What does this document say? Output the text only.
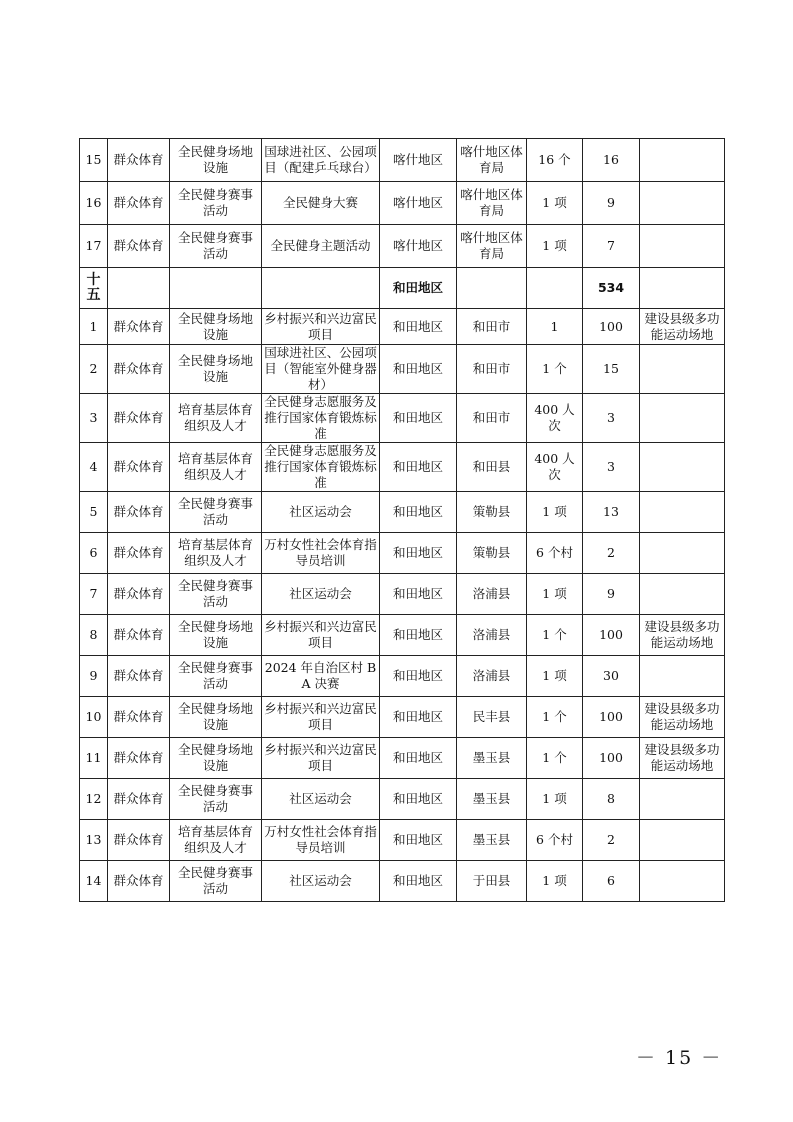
15	群众体育	全民健身场地设施	国球进社区、公园项目（配建乒乓球台）	喀什地区	喀什地区体育局	16 个	16	
16	群众体育	全民健身赛事活动	全民健身大赛	喀什地区	喀什地区体育局	1 项	9	
17	群众体育	全民健身赛事活动	全民健身主题活动	喀什地区	喀什地区体育局	1 项	7	
十五				和田地区			534	
1	群众体育	全民健身场地设施	乡村振兴和兴边富民项目	和田地区	和田市	1	100	建设县级多功能运动场地
2	群众体育	全民健身场地设施	国球进社区、公园项目（智能室外健身器材）	和田地区	和田市	1 个	15	
3	群众体育	培育基层体育组织及人才	全民健身志愿服务及推行国家体育锻炼标准	和田地区	和田市	400 人次	3	
4	群众体育	培育基层体育组织及人才	全民健身志愿服务及推行国家体育锻炼标准	和田地区	和田县	400 人次	3	
5	群众体育	全民健身赛事活动	社区运动会	和田地区	策勒县	1 项	13	
6	群众体育	培育基层体育组织及人才	万村女性社会体育指导员培训	和田地区	策勒县	6 个村	2	
7	群众体育	全民健身赛事活动	社区运动会	和田地区	洛浦县	1 项	9	
8	群众体育	全民健身场地设施	乡村振兴和兴边富民项目	和田地区	洛浦县	1 个	100	建设县级多功能运动场地
9	群众体育	全民健身赛事活动	2024 年自治区村 BA 决赛	和田地区	洛浦县	1 项	30	
10	群众体育	全民健身场地设施	乡村振兴和兴边富民项目	和田地区	民丰县	1 个	100	建设县级多功能运动场地
11	群众体育	全民健身场地设施	乡村振兴和兴边富民项目	和田地区	墨玉县	1 个	100	建设县级多功能运动场地
12	群众体育	全民健身赛事活动	社区运动会	和田地区	墨玉县	1 项	8	
13	群众体育	培育基层体育组织及人才	万村女性社会体育指导员培训	和田地区	墨玉县	6 个村	2	
14	群众体育	全民健身赛事活动	社区运动会	和田地区	于田县	1 项	6	
－ 15 －
